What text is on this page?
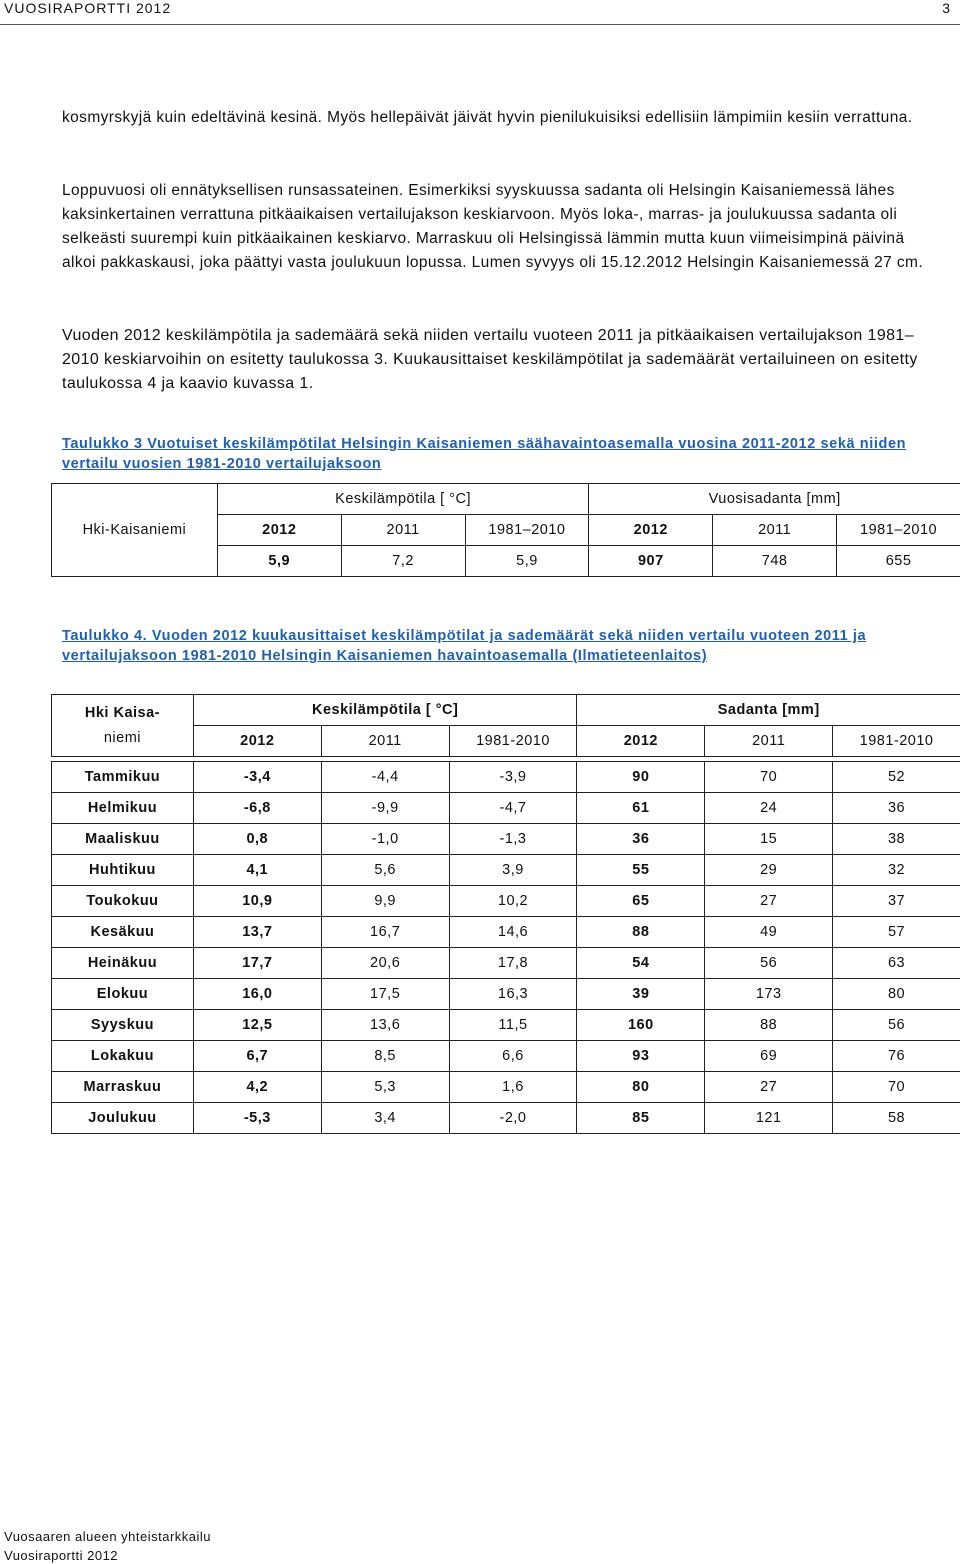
VUOSIRAPORTTI 2012	3

kosmyrskyjä kuin edeltävinä kesinä. Myös hellepäivät jäivät hyvin pienilukuisiksi edellisiin lämpimiin kesiin verrattuna.

Loppuvuosi oli ennätyksellisen runsassateinen. Esimerkiksi syyskuussa sadanta oli Helsingin Kaisaniemessä lähes kaksinkertainen verrattuna pitkäaikaisen vertailujakson keskiarvoon. Myös loka-, marras- ja joulukuussa sadanta oli selkeästi suurempi kuin pitkäaikainen keskiarvo. Marraskuu oli Helsingissä lämmin mutta kuun viimeisimpinä päivinä alkoi pakkaskausi, joka päättyi vasta joulukuun lopussa. Lumen syvyys oli 15.12.2012 Helsingin Kaisaniemessä 27 cm.

Vuoden 2012 keskilämpötila ja sademäärä sekä niiden vertailu vuoteen 2011 ja pitkäaikaisen vertailujakson 1981–2010 keskiarvoihin on esitetty taulukossa 3. Kuukausittaiset keskilämpötilat ja sademäärät vertailuineen on esitetty taulukossa 4 ja kaavio kuvassa 1.

Taulukko 3 Vuotuiset keskilämpötilat Helsingin Kaisaniemen säähavaintoasemalla vuosina 2011-2012 sekä niiden vertailu vuosien 1981-2010 vertailujaksoon

	Keskilämpötila [ °C]			Vuosisadanta [mm]		
Hki-Kaisaniemi	2012	2011	1981–2010	2012	2011	1981–2010
	5,9	7,2	5,9	907	748	655

Taulukko 4. Vuoden 2012 kuukausittaiset keskilämpötilat ja sademäärät sekä niiden vertailu vuoteen 2011 ja vertailujaksoon 1981-2010 Helsingin Kaisaniemen havaintoasemalla (Ilmatieteenlaitos)

Hki Kaisa-
niemi	Keskilämpötila [ °C]			Sadanta [mm]		
	2012	2011	1981-2010	2012	2011	1981-2010

Tammikuu	-3,4	-4,4	-3,9	90	70	52
Helmikuu	-6,8	-9,9	-4,7	61	24	36
Maaliskuu	0,8	-1,0	-1,3	36	15	38
Huhtikuu	4,1	5,6	3,9	55	29	32
Toukokuu	10,9	9,9	10,2	65	27	37
Kesäkuu	13,7	16,7	14,6	88	49	57
Heinäkuu	17,7	20,6	17,8	54	56	63
Elokuu	16,0	17,5	16,3	39	173	80
Syyskuu	12,5	13,6	11,5	160	88	56
Lokakuu	6,7	8,5	6,6	93	69	76
Marraskuu	4,2	5,3	1,6	80	27	70
Joulukuu	-5,3	3,4	-2,0	85	121	58
Vuosaaren alueen yhteistarkkailu
Vuosiraportti 2012
